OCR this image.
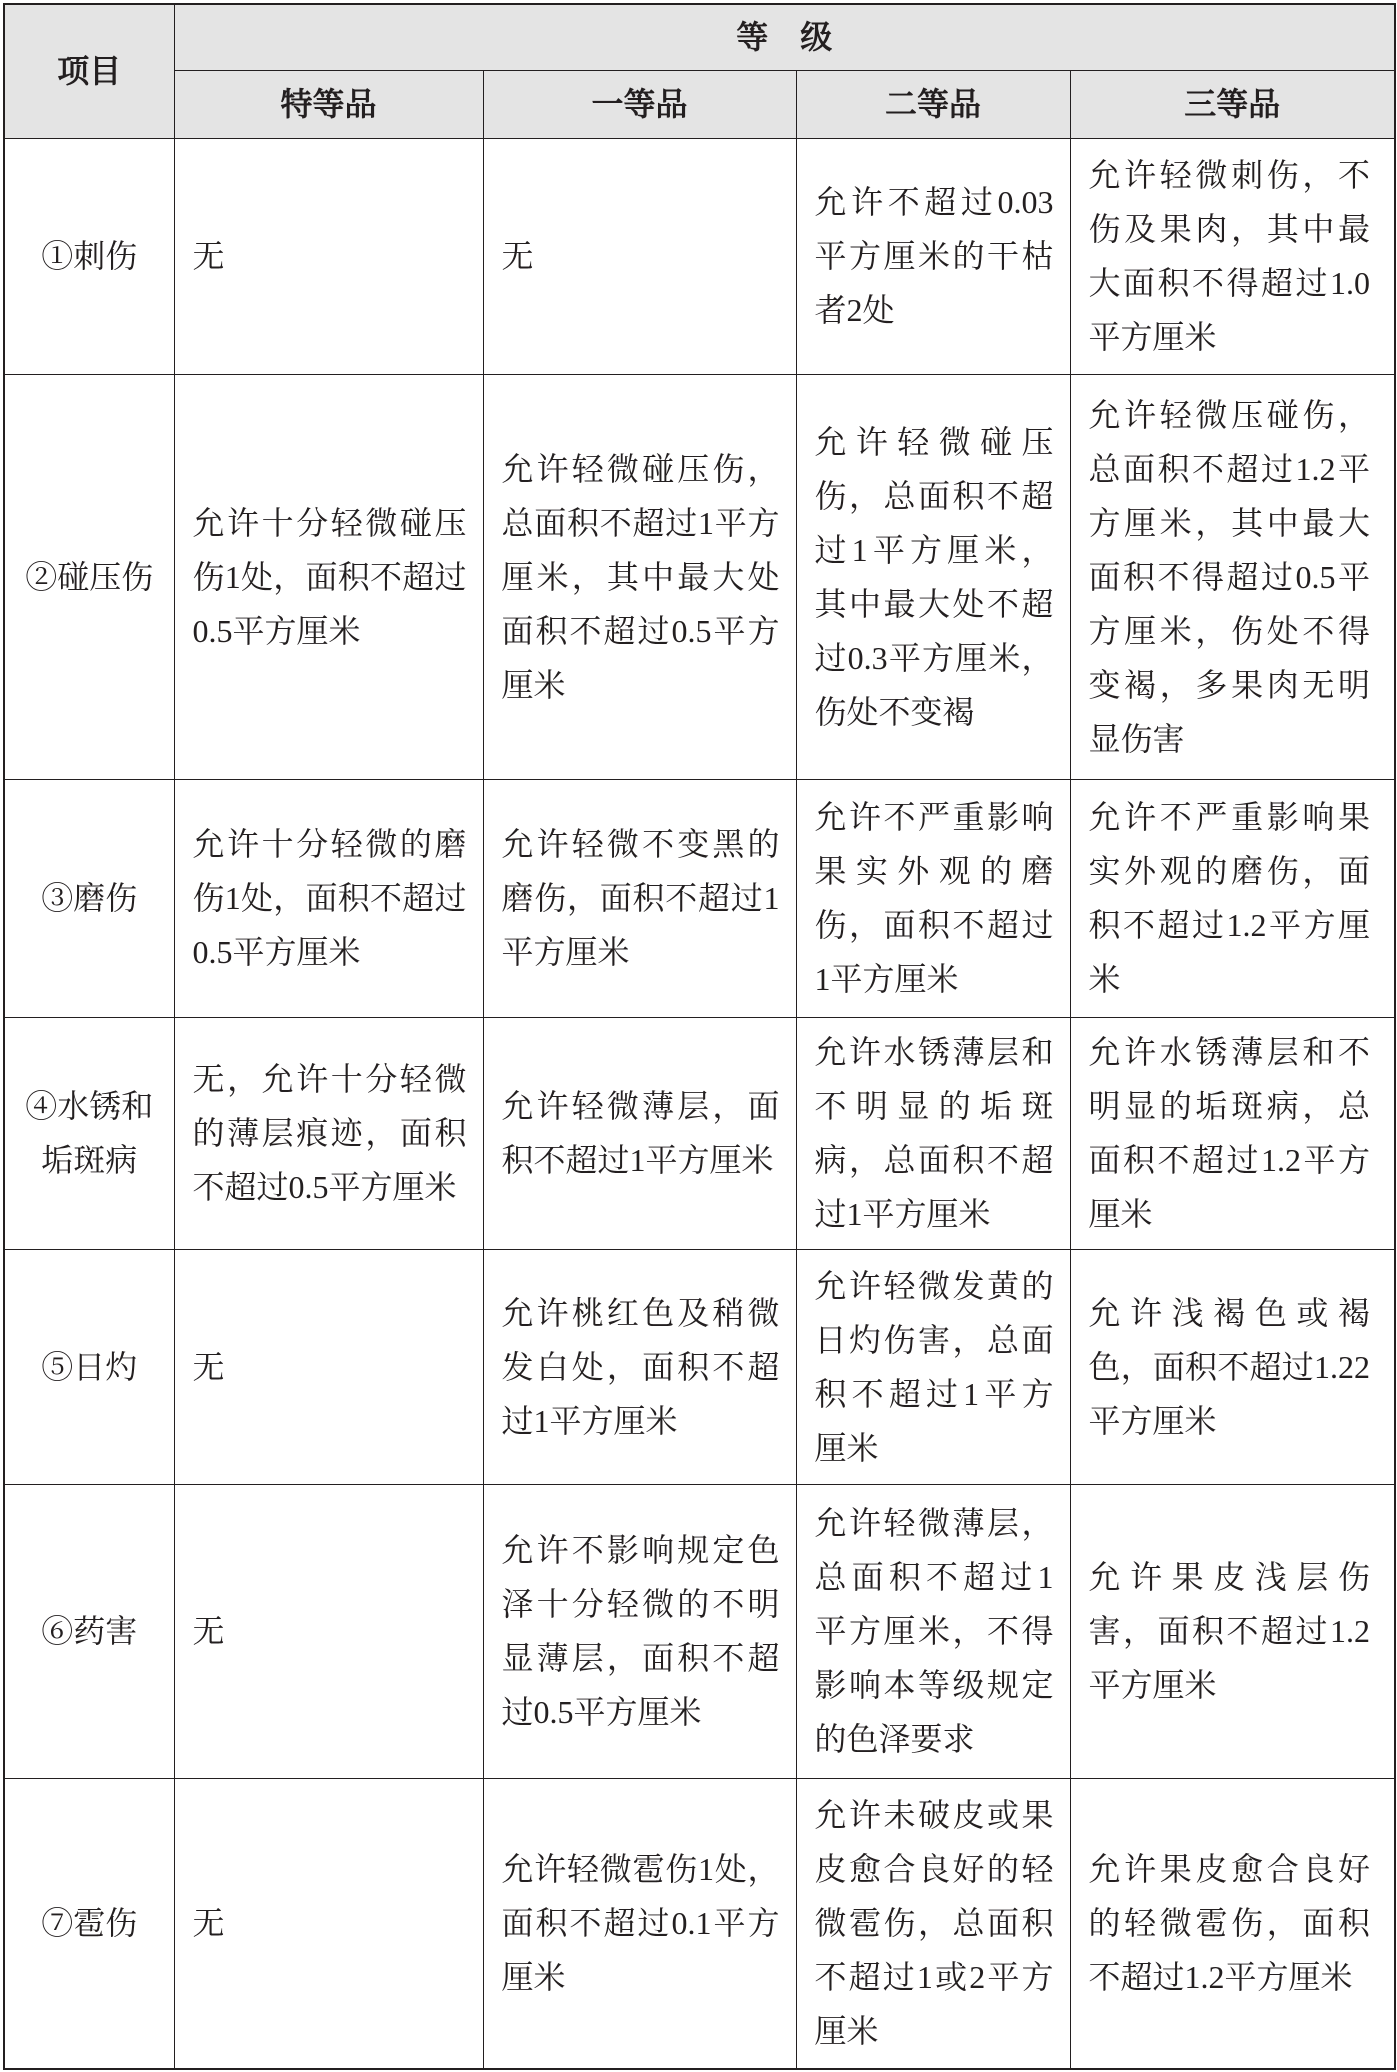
项目	等　级			
	特等品	一等品	二等品	三等品
①刺伤	无	无	允许不超过0.03平方厘米的干枯者2处	允许轻微刺伤，不伤及果肉，其中最大面积不得超过1.0平方厘米
②碰压伤	允许十分轻微碰压伤1处，面积不超过0.5平方厘米	允许轻微碰压伤，总面积不超过1平方厘米，其中最大处面积不超过0.5平方厘米	允许轻微碰压伤，总面积不超过1平方厘米，其中最大处不超过0.3平方厘米，伤处不变褐	允许轻微压碰伤，总面积不超过1.2平方厘米，其中最大面积不得超过0.5平方厘米，伤处不得变褐，多果肉无明显伤害
③磨伤	允许十分轻微的磨伤1处，面积不超过0.5平方厘米	允许轻微不变黑的磨伤，面积不超过1平方厘米	允许不严重影响果实外观的磨伤，面积不超过1平方厘米	允许不严重影响果实外观的磨伤，面积不超过1.2平方厘米
④水锈和垢斑病	无，允许十分轻微的薄层痕迹，面积不超过0.5平方厘米	允许轻微薄层，面积不超过1平方厘米	允许水锈薄层和不明显的垢斑病，总面积不超过1平方厘米	允许水锈薄层和不明显的垢斑病，总面积不超过1.2平方厘米
⑤日灼	无	允许桃红色及稍微发白处，面积不超过1平方厘米	允许轻微发黄的日灼伤害，总面积不超过1平方厘米	允许浅褐色或褐色，面积不超过1.22平方厘米
⑥药害	无	允许不影响规定色泽十分轻微的不明显薄层，面积不超过0.5平方厘米	允许轻微薄层，总面积不超过1平方厘米，不得影响本等级规定的色泽要求	允许果皮浅层伤害，面积不超过1.2平方厘米
⑦雹伤	无	允许轻微雹伤1处，面积不超过0.1平方厘米	允许未破皮或果皮愈合良好的轻微雹伤，总面积不超过1或2平方厘米	允许果皮愈合良好的轻微雹伤，面积不超过1.2平方厘米
